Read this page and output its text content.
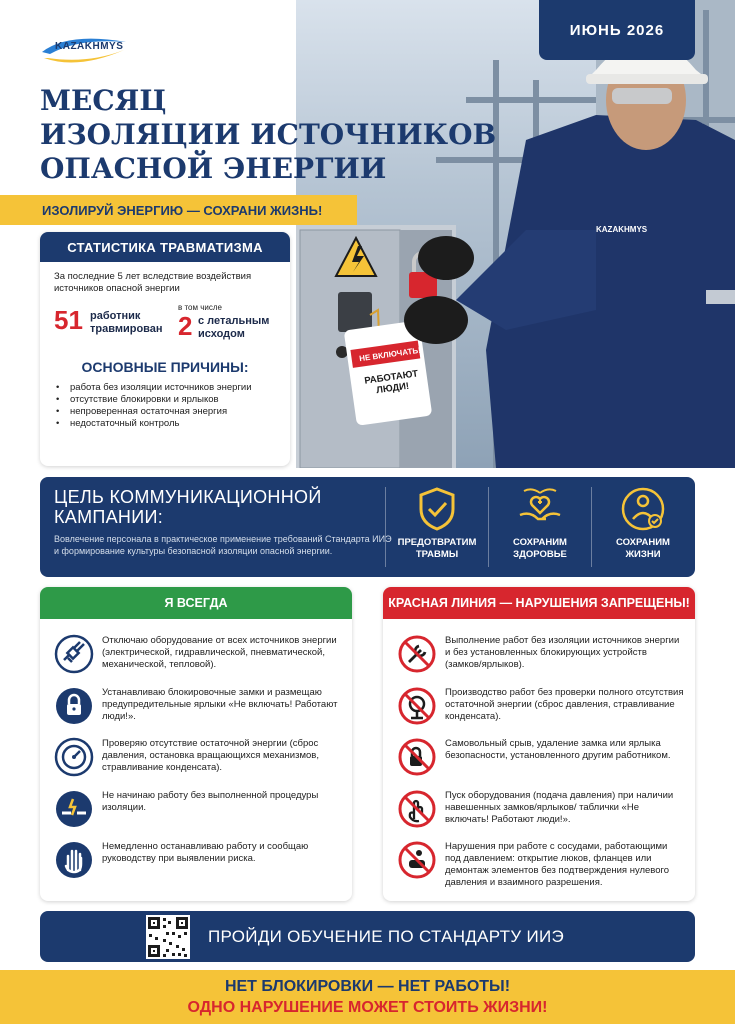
KAZAKHMYS
НЕ ВКЛЮЧАТЬ!
РАБОТАЮТ ЛЮДИ!
ИЮНЬ 2026
KAZAKHMYS
МЕСЯЦ
ИЗОЛЯЦИИ ИСТОЧНИКОВ
ОПАСНОЙ ЭНЕРГИИ
ИЗОЛИРУЙ ЭНЕРГИЮ — СОХРАНИ ЖИЗНЬ!
СТАТИСТИКА ТРАВМАТИЗМА
За последние 5 лет вследствие воздействия источников опасной энергии
51 работник
травмирован
в том числе
2 с летальным
исходом
ОСНОВНЫЕ ПРИЧИНЫ:
• работа без изоляции источников энергии
• отсутствие блокировки и ярлыков
• непроверенная остаточная энергия
• недостаточный контроль
ЦЕЛЬ КОММУНИКАЦИОННОЙ
КАМПАНИИ:
Вовлечение персонала в практическое применение требований Стандарта ИИЭ и формирование культуры безопасной изоляции опасной энергии.
ПРЕДОТВРАТИМ
ТРАВМЫ
СОХРАНИМ
ЗДОРОВЬЕ
СОХРАНИМ
ЖИЗНИ
Я ВСЕГДА
Отключаю оборудование от всех источников энергии (электрической, гидравлической, пневматической, механической, тепловой).
Устанавливаю блокировочные замки и размещаю предупредительные ярлыки «Не включать! Работают люди!».
Проверяю отсутствие остаточной энергии (сброс давления, остановка вращающихся механизмов, стравливание конденсата).
Не начинаю работу без выполненной процедуры изоляции.
Немедленно останавливаю работу и сообщаю руководству при выявлении риска.
КРАСНАЯ ЛИНИЯ — НАРУШЕНИЯ ЗАПРЕЩЕНЫ!
Выполнение работ без изоляции источников энергии и без установленных блокирующих устройств (замков/ярлыков).
Производство работ без проверки полного отсутствия остаточной энергии (сброс давления, стравливание конденсата).
Самовольный срыв, удаление замка или ярлыка безопасности, установленного другим работником.
Пуск оборудования (подача давления) при наличии навешенных замков/ярлыков/ таблички «Не включать! Работают люди!».
Нарушения при работе с сосудами, работающими под давлением: открытие люков, фланцев или демонтаж элементов без подтверждения нулевого давления и взаимного разрешения.
ПРОЙДИ ОБУЧЕНИЕ ПО СТАНДАРТУ ИИЭ
НЕТ БЛОКИРОВКИ — НЕТ РАБОТЫ!
ОДНО НАРУШЕНИЕ МОЖЕТ СТОИТЬ ЖИЗНИ!
